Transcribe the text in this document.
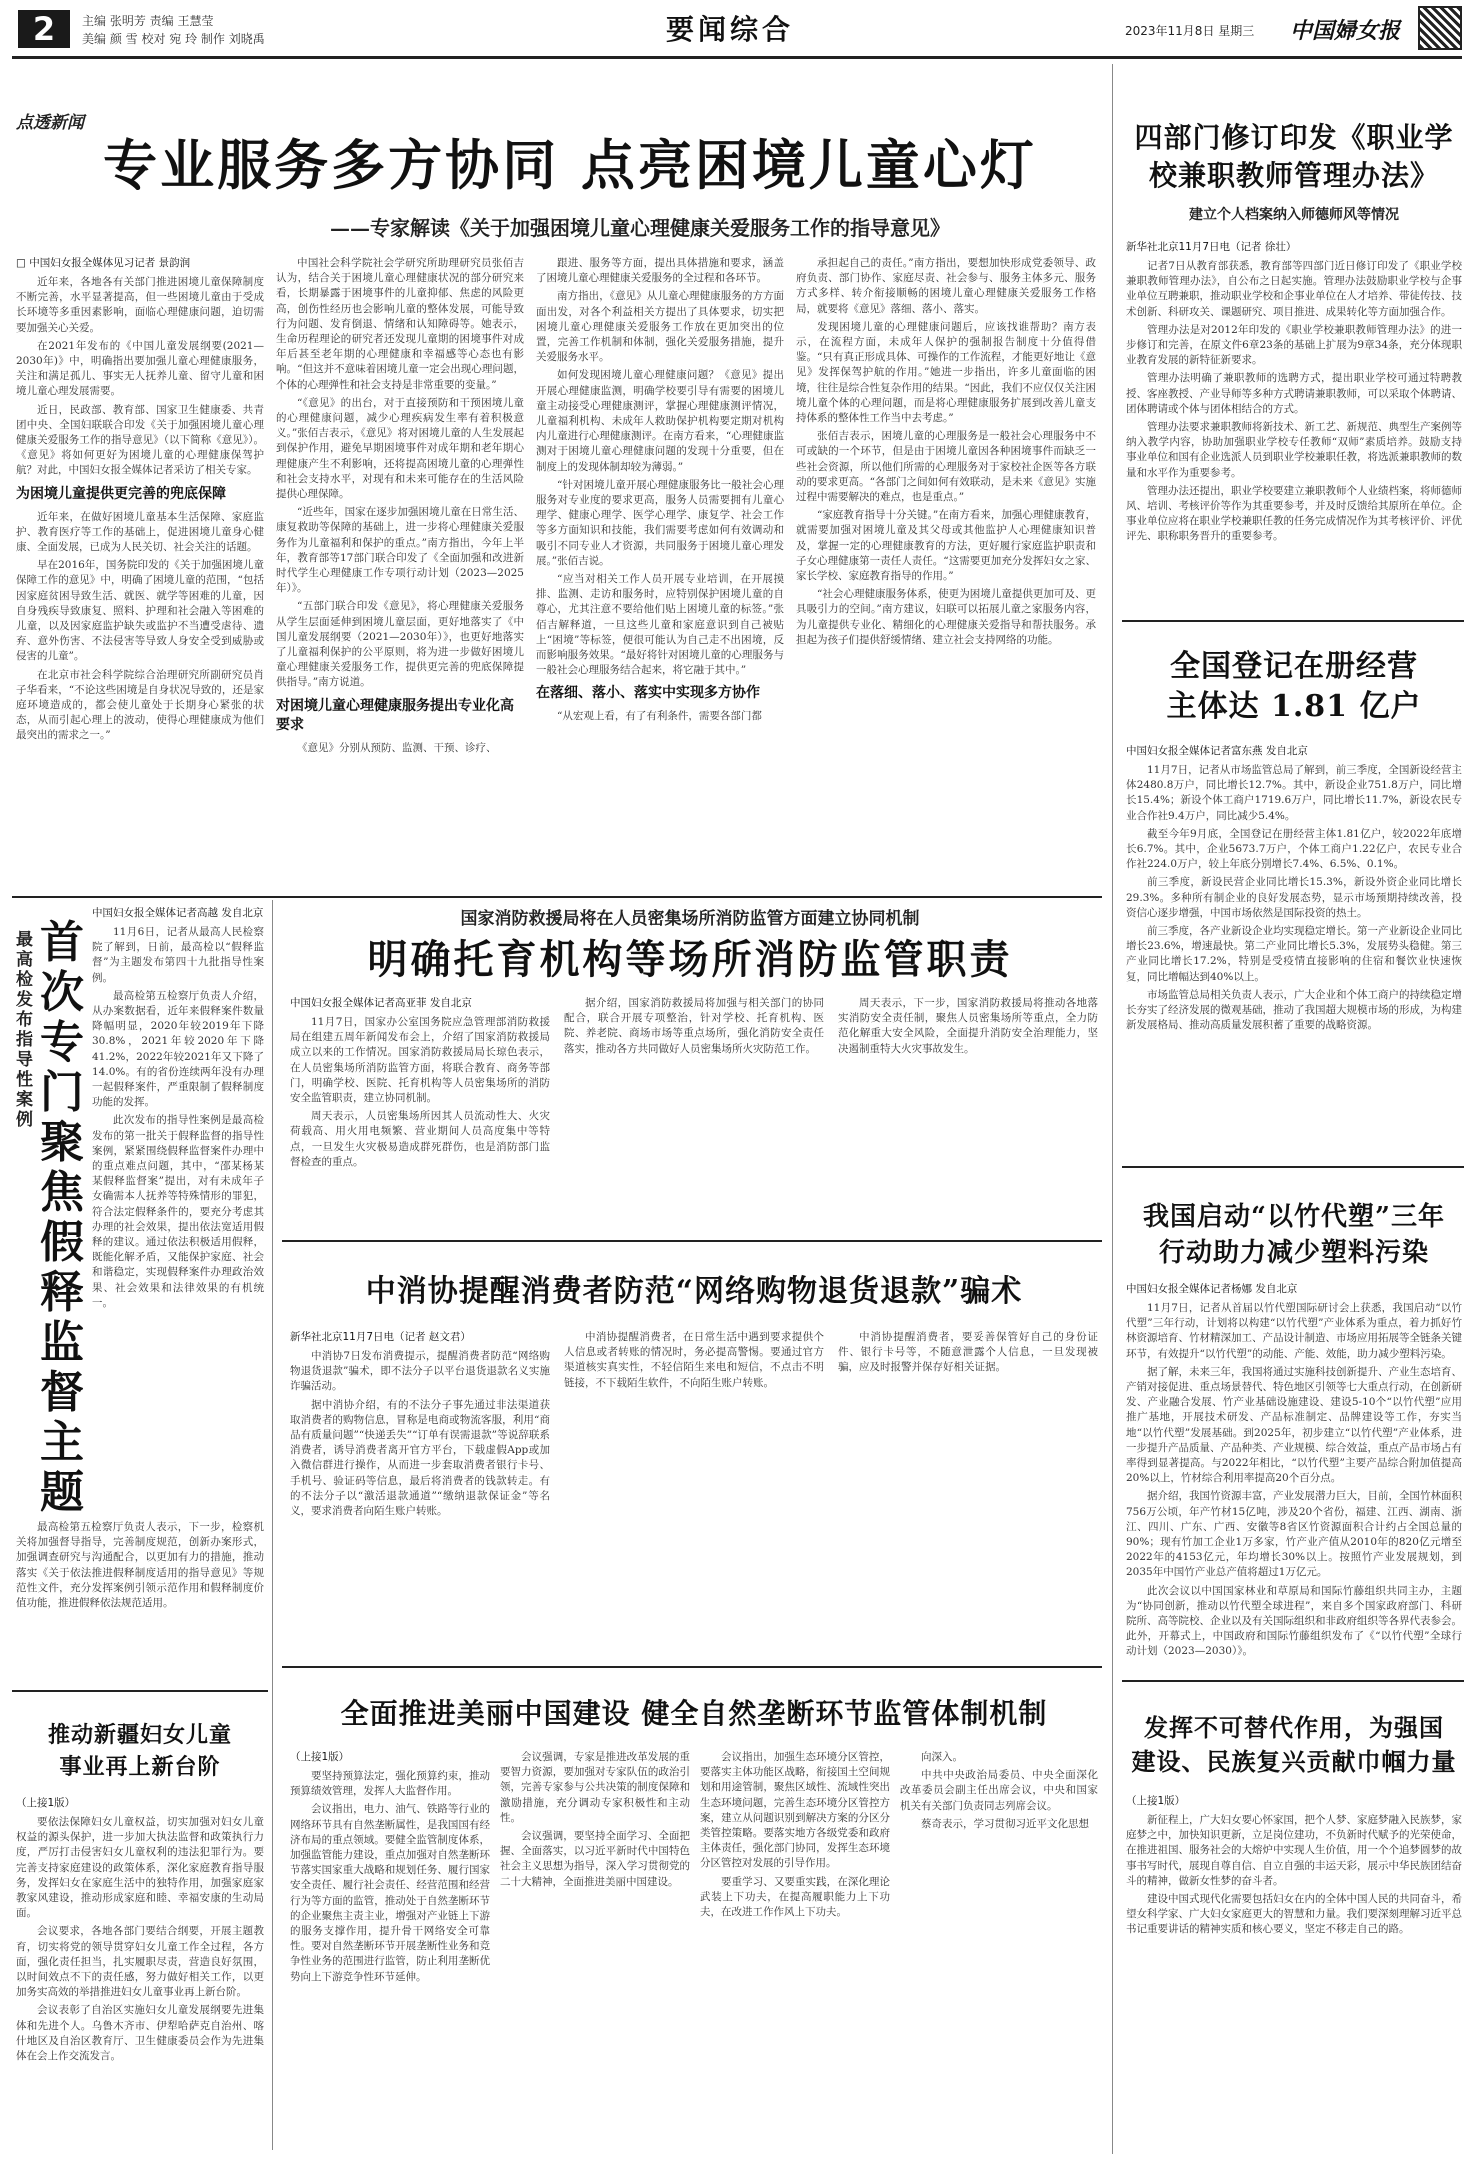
2	主编 张明芳 责编 王慧莹
美编 颜 雪 校对 宛 玲 制作 刘晓禹	要闻综合	2023年11月8日 星期三	中国婦女报
点透新闻
专业服务多方协同 点亮困境儿童心灯
——专家解读《关于加强困境儿童心理健康关爱服务工作的指导意见》

□ 中国妇女报全媒体见习记者 景韵润

近年来，各地各有关部门推进困境儿童保障制度不断完善，水平显著提高，但一些困境儿童由于受成长环境等多重因素影响，面临心理健康问题，迫切需要加强关心关爱。

在2021年发布的《中国儿童发展纲要(2021—2030年)》中，明确指出要加强儿童心理健康服务，关注和满足孤儿、事实无人抚养儿童、留守儿童和困境儿童心理发展需要。

近日，民政部、教育部、国家卫生健康委、共青团中央、全国妇联联合印发《关于加强困境儿童心理健康关爱服务工作的指导意见》（以下简称《意见》）。《意见》将如何更好为困境儿童的心理健康保驾护航？对此，中国妇女报全媒体记者采访了相关专家。

为困境儿童提供更完善的兜底保障

近年来，在做好困境儿童基本生活保障、家庭监护、教育医疗等工作的基础上，促进困境儿童身心健康、全面发展，已成为人民关切、社会关注的话题。

早在2016年，国务院印发的《关于加强困境儿童保障工作的意见》中，明确了困境儿童的范围，“包括因家庭贫困导致生活、就医、就学等困难的儿童，因自身残疾导致康复、照料、护理和社会融入等困难的儿童，以及因家庭监护缺失或监护不当遭受虐待、遗弃、意外伤害、不法侵害等导致人身安全受到威胁或侵害的儿童”。

在北京市社会科学院综合治理研究所副研究员肖子华看来，“不论这些困境是自身状况导致的，还是家庭环境造成的，都会使儿童处于长期身心紧张的状态，从而引起心理上的波动，使得心理健康成为他们最突出的需求之一。”

中国社会科学院社会学研究所助理研究员张佰吉认为，结合关于困境儿童心理健康状况的部分研究来看，长期暴露于困境事件的儿童抑郁、焦虑的风险更高，创伤性经历也会影响儿童的整体发展，可能导致行为问题、发育倒退、情绪和认知障碍等。她表示，生命历程理论的研究者还发现儿童期的困境事件对成年后甚至老年期的心理健康和幸福感等心态也有影响。“但这并不意味着困境儿童一定会出现心理问题，个体的心理弹性和社会支持是非常重要的变量。”

“《意见》的出台，对于直接预防和干预困境儿童的心理健康问题，减少心理疾病发生率有着积极意义。”张佰吉表示，《意见》将对困境儿童的人生发展起到保护作用，避免早期困境事件对成年期和老年期心理健康产生不利影响，还将提高困境儿童的心理弹性和社会支持水平，对现有和未来可能存在的生活风险提供心理保障。

“近些年，国家在逐步加强困境儿童在日常生活、康复救助等保障的基础上，进一步将心理健康关爱服务作为儿童福利和保护的重点。”南方指出，今年上半年，教育部等17部门联合印发了《全面加强和改进新时代学生心理健康工作专项行动计划（2023—2025年）》。

“五部门联合印发《意见》，将心理健康关爱服务从学生层面延伸到困境儿童层面，更好地落实了《中国儿童发展纲要（2021—2030年）》，也更好地落实了儿童福利保护的公平原则，将为进一步做好困境儿童心理健康关爱服务工作，提供更完善的兜底保障提供指导。”南方说道。

对困境儿童心理健康服务提出专业化高要求

《意见》分别从预防、监测、干预、诊疗、

跟进、服务等方面，提出具体措施和要求，涵盖了困境儿童心理健康关爱服务的全过程和各环节。

南方指出，《意见》从儿童心理健康服务的方方面面出发，对各个利益相关方提出了具体要求，切实把困境儿童心理健康关爱服务工作放在更加突出的位置，完善工作机制和体制，强化关爱服务措施，提升关爱服务水平。

如何发现困境儿童心理健康问题？《意见》提出开展心理健康监测，明确学校要引导有需要的困境儿童主动接受心理健康测评，掌握心理健康测评情况，儿童福利机构、未成年人救助保护机构要定期对机构内儿童进行心理健康测评。在南方看来，“心理健康监测对于困境儿童心理健康问题的发现十分重要，但在制度上的发现体制却较为薄弱。”

“针对困境儿童开展心理健康服务比一般社会心理服务对专业度的要求更高，服务人员需要拥有儿童心理学、健康心理学、医学心理学、康复学、社会工作等多方面知识和技能，我们需要考虑如何有效调动和吸引不同专业人才资源，共同服务于困境儿童心理发展。”张佰吉说。

“应当对相关工作人员开展专业培训，在开展摸排、监测、走访和服务时，应特别保护困境儿童的自尊心，尤其注意不要给他们贴上困境儿童的标签。”张佰吉解释道，一旦这些儿童和家庭意识到自己被贴上“困境”等标签，便很可能认为自己走不出困境，反而影响服务效果。“最好将针对困境儿童的心理服务与一般社会心理服务结合起来，将它融于其中。”

在落细、落小、落实中实现多方协作

“从宏观上看，有了有利条件，需要各部门都

承担起自己的责任。”南方指出，要想加快形成党委领导、政府负责、部门协作、家庭尽责、社会参与、服务主体多元、服务方式多样、转介衔接顺畅的困境儿童心理健康关爱服务工作格局，就要将《意见》落细、落小、落实。

发现困境儿童的心理健康问题后，应该找谁帮助？南方表示，在流程方面，未成年人保护的强制报告制度十分值得借鉴。“只有真正形成具体、可操作的工作流程，才能更好地让《意见》发挥保驾护航的作用。”她进一步指出，许多儿童面临的困境，往往是综合性复杂作用的结果。“因此，我们不应仅仅关注困境儿童个体的心理问题，而是将心理健康服务扩展到改善儿童支持体系的整体性工作当中去考虑。”

张佰吉表示，困境儿童的心理服务是一般社会心理服务中不可或缺的一个环节，但是由于困境儿童因各种困境事件而缺乏一些社会资源，所以他们所需的心理服务对于家校社企医等各方联动的要求更高。“各部门之间如何有效联动，是未来《意见》实施过程中需要解决的难点，也是重点。”

“家庭教育指导十分关键。”在南方看来，加强心理健康教育，就需要加强对困境儿童及其父母或其他监护人心理健康知识普及，掌握一定的心理健康教育的方法，更好履行家庭监护职责和子女心理健康第一责任人责任。“这需要更加充分发挥妇女之家、家长学校、家庭教育指导的作用。”

“社会心理健康服务体系，使更为困境儿童提供更加可及、更具吸引力的空间。”南方建议，妇联可以拓展儿童之家服务内容，为儿童提供专业化、精细化的心理健康关爱指导和帮扶服务。承担起为孩子们提供舒缓情绪、建立社会支持网络的功能。

四部门修订印发《职业学
校兼职教师管理办法》
建立个人档案纳入师德师风等情况

新华社北京11月7日电（记者 徐壮）

记者7日从教育部获悉，教育部等四部门近日修订印发了《职业学校兼职教师管理办法》，自公布之日起实施。管理办法鼓励职业学校与企事业单位互聘兼职，推动职业学校和企事业单位在人才培养、带徒传技、技术创新、科研攻关、课题研究、项目推进、成果转化等方面加强合作。

管理办法是对2012年印发的《职业学校兼职教师管理办法》的进一步修订和完善，在原文件6章23条的基础上扩展为9章34条，充分体现职业教育发展的新特征新要求。

管理办法明确了兼职教师的选聘方式，提出职业学校可通过特聘教授、客座教授、产业导师等多种方式聘请兼职教师，可以采取个体聘请、团体聘请或个体与团体相结合的方式。

管理办法要求兼职教师将新技术、新工艺、新规范、典型生产案例等纳入教学内容，协助加强职业学校专任教师“双师”素质培养。鼓励支持事业单位和国有企业选派人员到职业学校兼职任教，将选派兼职教师的数量和水平作为重要参考。

管理办法还提出，职业学校要建立兼职教师个人业绩档案，将师德师风、培训、考核评价等作为其重要参考，并及时反馈给其原所在单位。企事业单位应将在职业学校兼职任教的任务完成情况作为其考核评价、评优评先、职称职务晋升的重要参考。

全国登记在册经营
主体达 1.81 亿户

中国妇女报全媒体记者富东燕 发自北京

11月7日，记者从市场监管总局了解到，前三季度，全国新设经营主体2480.8万户，同比增长12.7%。其中，新设企业751.8万户，同比增长15.4%；新设个体工商户1719.6万户，同比增长11.7%，新设农民专业合作社9.4万户，同比减少5.4%。

截至今年9月底，全国登记在册经营主体1.81亿户，较2022年底增长6.7%。其中，企业5673.7万户，个体工商户1.22亿户，农民专业合作社224.0万户，较上年底分别增长7.4%、6.5%、0.1%。

前三季度，新设民营企业同比增长15.3%，新设外资企业同比增长29.3%。多种所有制企业的良好发展态势，显示市场预期持续改善，投资信心逐步增强，中国市场依然是国际投资的热土。

前三季度，各产业新设企业均实现稳定增长。第一产业新设企业同比增长23.6%，增速最快。第二产业同比增长5.3%，发展势头稳健。第三产业同比增长17.2%，特别是受疫情直接影响的住宿和餐饮业快速恢复，同比增幅达到40%以上。

市场监管总局相关负责人表示，广大企业和个体工商户的持续稳定增长夯实了经济发展的微观基础，推动了我国超大规模市场的形成，为构建新发展格局、推动高质量发展积蓄了重要的战略资源。

我国启动“以竹代塑”三年
行动助力减少塑料污染

中国妇女报全媒体记者杨娜 发自北京

11月7日，记者从首届以竹代塑国际研讨会上获悉，我国启动“以竹代塑”三年行动，计划将以构建“以竹代塑”产业体系为重点，着力抓好竹林资源培育、竹材精深加工、产品设计制造、市场应用拓展等全链条关键环节，有效提升“以竹代塑”的动能、产能、效能，助力减少塑料污染。

据了解，未来三年，我国将通过实施科技创新提升、产业生态培育、产销对接促进、重点场景替代、特色地区引领等七大重点行动，在创新研发、产业融合发展、竹产业基础设施建设、建设5-10个“以竹代塑”应用推广基地，开展技术研发、产品标准制定、品牌建设等工作，夯实当地“以竹代塑”发展基础。到2025年，初步建立“以竹代塑”产业体系，进一步提升产品质量、产品种类、产业规模、综合效益，重点产品市场占有率得到显著提高。与2022年相比，“以竹代塑”主要产品综合附加值提高20%以上，竹材综合利用率提高20个百分点。

据介绍，我国竹资源丰富，产业发展潜力巨大，目前，全国竹林面积756万公顷，年产竹材15亿吨，涉及20个省份，福建、江西、湖南、浙江、四川、广东、广西、安徽等8省区竹资源面积合计约占全国总量的90%；现有竹加工企业1万多家，竹产业产值从2010年的820亿元增至2022年的4153亿元，年均增长30%以上。按照竹产业发展规划，到2035年中国竹产业总产值将超过1万亿元。

此次会议以中国国家林业和草原局和国际竹藤组织共同主办，主题为“协同创新，推动以竹代塑全球进程”，来自多个国家政府部门、科研院所、高等院校、企业以及有关国际组织和非政府组织等各界代表参会。此外，开幕式上，中国政府和国际竹藤组织发布了《“以竹代塑”全球行动计划（2023—2030）》。

发挥不可替代作用，为强国
建设、民族复兴贡献巾帼力量

（上接1版）

新征程上，广大妇女要心怀家国，把个人梦、家庭梦融入民族梦，家庭梦之中，加快知识更新，立足岗位建功，不负新时代赋予的光荣使命，在推进祖国、服务社会的大熔炉中实现人生价值，用一个个追梦圆梦的故事书写时代，展现自尊自信、自立自强的丰运天彩，展示中华民族团结奋斗的精神，做新女性梦的奋斗者。

建设中国式现代化需要包括妇女在内的全体中国人民的共同奋斗，希望女科学家、广大妇女家庭更大的智慧和力量。我们要深刻理解习近平总书记重要讲话的精神实质和核心要义，坚定不移走自己的路。

最高检发布指导性案例
首次专门聚焦假释监督主题

中国妇女报全媒体记者高越 发自北京

11月6日，记者从最高人民检察院了解到，日前，最高检以“假释监督”为主题发布第四十九批指导性案例。

最高检第五检察厅负责人介绍，从办案数据看，近年来假释案件数量降幅明显，2020年较2019年下降30.8%，2021年较2020年下降41.2%，2022年较2021年又下降了14.0%。有的省份连续两年没有办理一起假释案件，严重限制了假释制度功能的发挥。

此次发布的指导性案例是最高检发布的第一批关于假释监督的指导性案例，紧紧围绕假释监督案件办理中的重点难点问题，其中，“邵某杨某某假释监督案”提出，对有未成年子女确需本人抚养等特殊情形的罪犯，符合法定假释条件的，要充分考虑其办理的社会效果，提出依法宽适用假释的建议。通过依法积极适用假释，既能化解矛盾，又能保护家庭、社会和谐稳定，实现假释案件办理政治效果、社会效果和法律效果的有机统一。

最高检第五检察厅负责人表示，下一步，检察机关将加强督导指导，完善制度规范，创新办案形式，加强调查研究与沟通配合，以更加有力的措施，推动落实《关于依法推进假释制度适用的指导意见》等规范性文件，充分发挥案例引领示范作用和假释制度价值功能，推进假释依法规范适用。

推动新疆妇女儿童
事业再上新台阶

（上接1版）

要依法保障妇女儿童权益，切实加强对妇女儿童权益的源头保护，进一步加大执法监督和政策执行力度，严厉打击侵害妇女儿童权利的违法犯罪行为。要完善支持家庭建设的政策体系，深化家庭教育指导服务，发挥妇女在家庭生活中的独特作用，加强家庭家教家风建设，推动形成家庭和睦、幸福安康的生动局面。

会议要求，各地各部门要结合纲要，开展主题教育，切实将党的领导贯穿妇女儿童工作全过程，各方面，强化责任担当，扎实履职尽责，营造良好氛围，以时间效点不下的责任感，努力做好相关工作，以更加务实高效的举措推进妇女儿童事业再上新台阶。

会议表彰了自治区实施妇女儿童发展纲要先进集体和先进个人。乌鲁木齐市、伊犁哈萨克自治州、喀什地区及自治区教育厅、卫生健康委员会作为先进集体在会上作交流发言。

国家消防救援局将在人员密集场所消防监管方面建立协同机制
明确托育机构等场所消防监管职责

中国妇女报全媒体记者高亚菲 发自北京

11月7日，国家办公室国务院应急管理部消防救援局在组建五周年新闻发布会上，介绍了国家消防救援局成立以来的工作情况。国家消防救援局局长琼色表示，在人员密集场所消防监管方面，将联合教育、商务等部门，明确学校、医院、托育机构等人员密集场所的消防安全监管职责，建立协同机制。

周天表示，人员密集场所因其人员流动性大、火灾荷载高、用火用电频繁、营业期间人员高度集中等特点，一旦发生火灾极易造成群死群伤，也是消防部门监督检查的重点。

据介绍，国家消防救援局将加强与相关部门的协同配合，联合开展专项整治，针对学校、托育机构、医院、养老院、商场市场等重点场所，强化消防安全责任落实，推动各方共同做好人员密集场所火灾防范工作。

周天表示，下一步，国家消防救援局将推动各地落实消防安全责任制，聚焦人员密集场所等重点，全力防范化解重大安全风险，全面提升消防安全治理能力，坚决遏制重特大火灾事故发生。

中消协提醒消费者防范“网络购物退货退款”骗术

新华社北京11月7日电（记者 赵文君）

中消协7日发布消费提示，提醒消费者防范“网络购物退货退款”骗术，即不法分子以平台退货退款名义实施诈骗活动。

据中消协介绍，有的不法分子事先通过非法渠道获取消费者的购物信息，冒称是电商或物流客服，利用“商品有质量问题”“快递丢失”“订单有误需退款”等说辞联系消费者，诱导消费者离开官方平台，下载虚假App或加入微信群进行操作，从而进一步套取消费者银行卡号、手机号、验证码等信息，最后将消费者的钱款转走。有的不法分子以“激活退款通道”“缴纳退款保证金”等名义，要求消费者向陌生账户转账。

中消协提醒消费者，在日常生活中遇到要求提供个人信息或者转账的情况时，务必提高警惕。要通过官方渠道核实真实性，不轻信陌生来电和短信，不点击不明链接，不下载陌生软件，不向陌生账户转账。

中消协提醒消费者，要妥善保管好自己的身份证件、银行卡号等，不随意泄露个人信息，一旦发现被骗，应及时报警并保存好相关证据。

全面推进美丽中国建设 健全自然垄断环节监管体制机制

（上接1版）

要坚持预算法定，强化预算约束，推动预算绩效管理，发挥人大监督作用。

会议指出，电力、油气、铁路等行业的网络环节具有自然垄断属性，是我国国有经济布局的重点领域。要健全监管制度体系，加强监管能力建设，重点加强对自然垄断环节落实国家重大战略和规划任务、履行国家安全责任、履行社会责任、经营范围和经营行为等方面的监管，推动处于自然垄断环节的企业聚焦主责主业，增强对产业链上下游的服务支撑作用，提升骨干网络安全可靠性。要对自然垄断环节开展垄断性业务和竞争性业务的范围进行监管，防止利用垄断优势向上下游竞争性环节延伸。

会议强调，专家是推进改革发展的重要智力资源，要加强对专家队伍的政治引领，完善专家参与公共决策的制度保障和激励措施，充分调动专家积极性和主动性。

会议强调，要坚持全面学习、全面把握、全面落实，以习近平新时代中国特色社会主义思想为指导，深入学习贯彻党的二十大精神，全面推进美丽中国建设。

会议指出，加强生态环境分区管控，要落实主体功能区战略，衔接国土空间规划和用途管制，聚焦区域性、流域性突出生态环境问题，完善生态环境分区管控方案，建立从问题识别到解决方案的分区分类管控策略。要落实地方各级党委和政府主体责任，强化部门协同，发挥生态环境分区管控对发展的引导作用。

要重学习、又要重实践，在深化理论武装上下功夫，在提高履职能力上下功夫，在改进工作作风上下功夫。

向深入。

中共中央政治局委员、中央全面深化改革委员会副主任出席会议，中央和国家机关有关部门负责同志列席会议。

蔡奇表示，学习贯彻习近平文化思想
